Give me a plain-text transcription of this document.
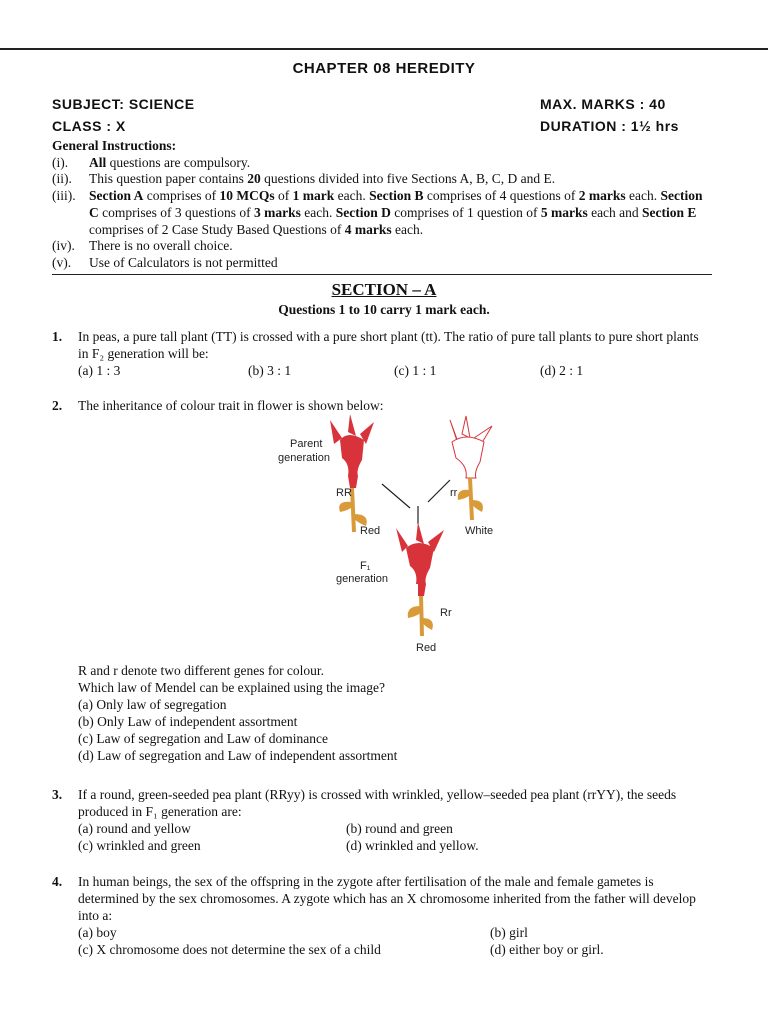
CHAPTER 08 HEREDITY
SUBJECT: SCIENCE	MAX. MARKS : 40
CLASS : X	DURATION : 1½ hrs
General Instructions:
(i).	All questions are compulsory.
(ii).	This question paper contains 20 questions divided into five Sections A, B, C, D and E.
(iii). Section A comprises of 10 MCQs of 1 mark each. Section B comprises of 4 questions of 2 marks each. Section C comprises of 3 questions of 3 marks each. Section D comprises of 1 question of 5 marks each and Section E comprises of 2 Case Study Based Questions of 4 marks each.
(iv).	There is no overall choice.
(v).	Use of Calculators is not permitted
SECTION – A
Questions 1 to 10 carry 1 mark each.
1. In peas, a pure tall plant (TT) is crossed with a pure short plant (tt). The ratio of pure tall plants to pure short plants in F₂ generation will be:
(a) 1 : 3	(b) 3 : 1	(c) 1 : 1	(d) 2 : 1
2. The inheritance of colour trait in flower is shown below:
Parent
generation
RR	rr
Red	White
F₁
generation
Rr
Red
R and r denote two different genes for colour.
Which law of Mendel can be explained using the image?
(a) Only law of segregation
(b) Only Law of independent assortment
(c) Law of segregation and Law of dominance
(d) Law of segregation and Law of independent assortment
3. If a round, green-seeded pea plant (RRyy) is crossed with wrinkled, yellow–seeded pea plant (rrYY), the seeds produced in F₁ generation are:
(a) round and yellow	(b) round and green
(c) wrinkled and green	(d) wrinkled and yellow.
4. In human beings, the sex of the offspring in the zygote after fertilisation of the male and female gametes is determined by the sex chromosomes. A zygote which has an X chromosome inherited from the father will develop into a:
(a) boy	(b) girl
(c) X chromosome does not determine the sex of a child	(d) either boy or girl.
